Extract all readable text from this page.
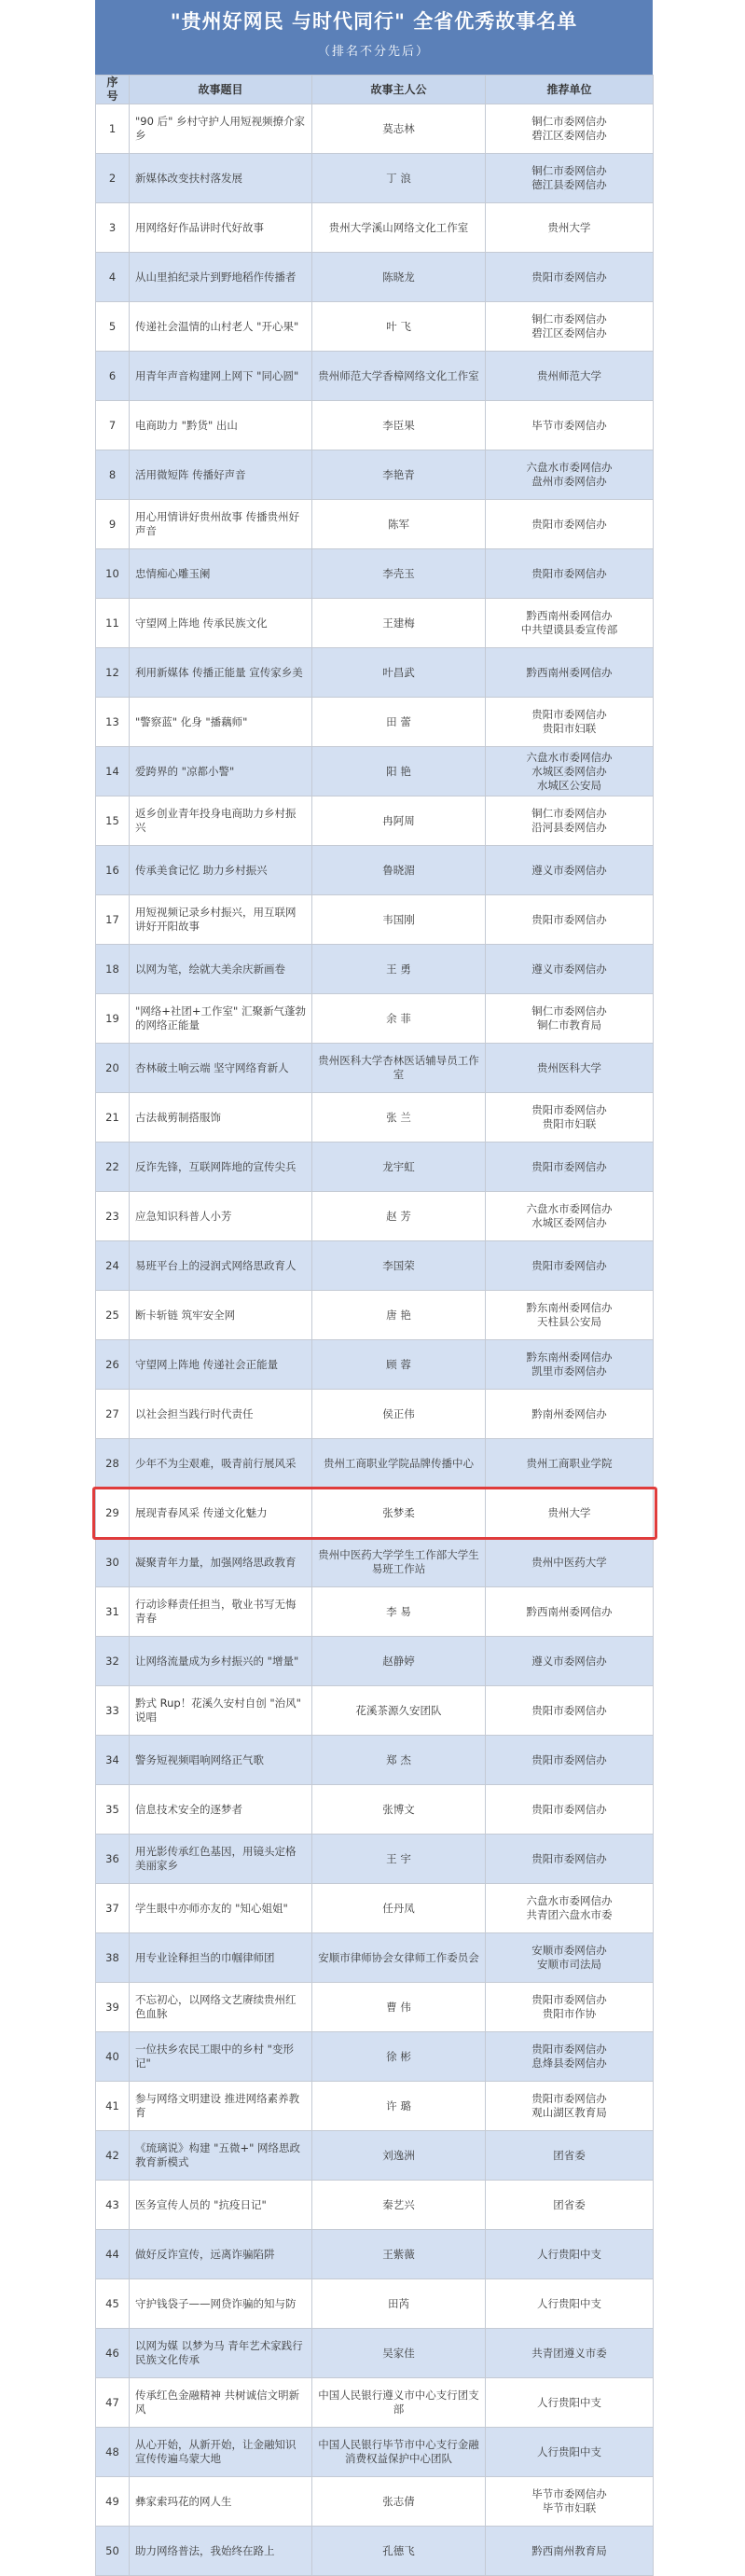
"贵州好网民 与时代同行" 全省优秀故事名单
（排名不分先后）
序号	故事题目	故事主人公	推荐单位
1	"90 后" 乡村守护人用短视频撩介家乡	莫志林	铜仁市委网信办
碧江区委网信办
2	新媒体改变扶村落发展	丁 浪	铜仁市委网信办
德江县委网信办
3	用网络好作品讲时代好故事	贵州大学溪山网络文化工作室	贵州大学
4	从山里拍纪录片到野地稻作传播者	陈晓龙	贵阳市委网信办
5	传递社会温情的山村老人 "开心果"	叶 飞	铜仁市委网信办
碧江区委网信办
6	用青年声音构建网上网下 "同心圆"	贵州师范大学香樟网络文化工作室	贵州师范大学
7	电商助力 "黔货" 出山	李臣果	毕节市委网信办
8	活用微短阵 传播好声音	李艳青	六盘水市委网信办
盘州市委网信办
9	用心用情讲好贵州故事 传播贵州好声音	陈军	贵阳市委网信办
10	忠情痴心雕玉阑	李壳玉	贵阳市委网信办
11	守望网上阵地 传承民族文化	王建梅	黔西南州委网信办
中共望谟县委宣传部
12	利用新媒体 传播正能量 宣传家乡美	叶昌武	黔西南州委网信办
13	"警察蓝" 化身 "播藕师"	田 蕾	贵阳市委网信办
贵阳市妇联
14	爱跨界的 "凉都小警"	阳 艳	六盘水市委网信办
水城区委网信办
水城区公安局
15	返乡创业青年投身电商助力乡村振兴	冉阿周	铜仁市委网信办
沿河县委网信办
16	传承美食记忆 助力乡村振兴	鲁晓湄	遵义市委网信办
17	用短视频记录乡村振兴，用互联网讲好开阳故事	韦国刚	贵阳市委网信办
18	以网为笔，绘就大美余庆新画卷	王 勇	遵义市委网信办
19	"网络+社团+工作室" 汇聚新气蓬勃的网络正能量	余 菲	铜仁市委网信办
铜仁市教育局
20	杏林破土响云端 坚守网络育新人	贵州医科大学杏林医话辅导员工作室	贵州医科大学
21	古法裁剪制搭服饰	张 兰	贵阳市委网信办
贵阳市妇联
22	反诈先锋，互联网阵地的宣传尖兵	龙宇虹	贵阳市委网信办
23	应急知识科普人小芳	赵 芳	六盘水市委网信办
水城区委网信办
24	易班平台上的浸润式网络思政育人	李国荣	贵阳市委网信办
25	断卡斩链 筑牢安全网	唐 艳	黔东南州委网信办
天柱县公安局
26	守望网上阵地 传递社会正能量	顾 蓉	黔东南州委网信办
凯里市委网信办
27	以社会担当践行时代责任	侯正伟	黔南州委网信办
28	少年不为尘艰难，吸青前行展风采	贵州工商职业学院品牌传播中心	贵州工商职业学院
29	展现青春风采 传递文化魅力	张梦柔	贵州大学
30	凝聚青年力量，加强网络思政教育	贵州中医药大学学生工作部大学生易班工作站	贵州中医药大学
31	行动诊释责任担当，敬业书写无悔青春	李 易	黔西南州委网信办
32	让网络流量成为乡村振兴的 "增量"	赵静婷	遵义市委网信办
33	黔式 Rup！花溪久安村自创 "治风" 说唱	花溪茶源久安团队	贵阳市委网信办
34	警务短视频唱响网络正气歌	郑 杰	贵阳市委网信办
35	信息技术安全的逐梦者	张博文	贵阳市委网信办
36	用光影传承红色基因，用镜头定格美丽家乡	王 宇	贵阳市委网信办
37	学生眼中亦师亦友的 "知心姐姐"	任丹凤	六盘水市委网信办
共青团六盘水市委
38	用专业诠释担当的巾帼律师团	安顺市律师协会女律师工作委员会	安顺市委网信办
安顺市司法局
39	不忘初心，以网络文艺赓续贵州红色血脉	曹 伟	贵阳市委网信办
贵阳市作协
40	一位扶乡农民工眼中的乡村 "变形记"	徐 彬	贵阳市委网信办
息烽县委网信办
41	参与网络文明建设 推进网络素养教育	许 璐	贵阳市委网信办
观山湖区教育局
42	《琉璃说》构建 "五微+" 网络思政教育新模式	刘逸洲	团省委
43	医务宣传人员的 "抗疫日记"	秦艺兴	团省委
44	做好反诈宣传，远离诈骗陷阱	王紫薇	人行贵阳中支
45	守护钱袋子——网贷诈骗的知与防	田芮	人行贵阳中支
46	以网为媒 以梦为马 青年艺术家践行民族文化传承	吴家佳	共青团遵义市委
47	传承红色金融精神 共树诚信文明新风	中国人民银行遵义市中心支行团支部	人行贵阳中支
48	从心开始，从新开始，让金融知识宣传传遍乌蒙大地	中国人民银行毕节市中心支行金融消费权益保护中心团队	人行贵阳中支
49	彝家索玛花的网人生	张志倩	毕节市委网信办
毕节市妇联
50	助力网络普法，我始终在路上	孔德飞	黔西南州教育局
